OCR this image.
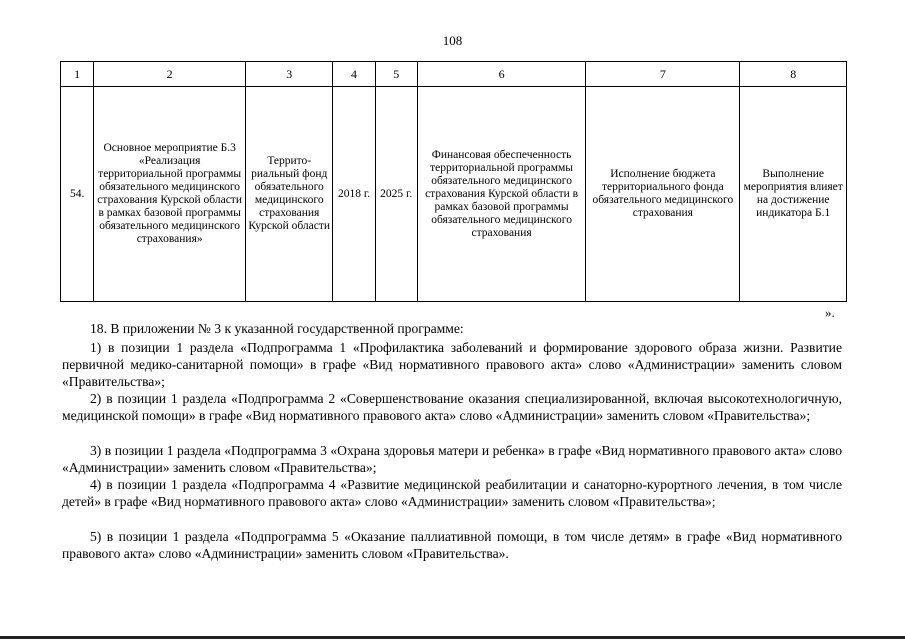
108
1	2	3	4	5	6	7	8
54.	Основное мероприятие Б.3 «Реализация территориальной программы обязательного медицинского страхования Курской области в рамках базовой программы обязательного медицинского страхования»	Террито-риальный фонд обязательного медицинского страхования Курской области	2018 г.	2025 г.	Финансовая обеспеченность территориальной программы обязательного медицинского страхования Курской области в рамках базовой программы обязательного медицинского страхования	Исполнение бюджета территориального фонда обязательного медицинского страхования	Выполнение мероприятия влияет на достижение индикатора Б.1
».
18. В приложении № 3 к указанной государственной программе:
1) в позиции 1 раздела «Подпрограмма 1 «Профилактика заболеваний и формирование здорового образа жизни. Развитие первичной медико-санитарной помощи» в графе «Вид нормативного правового акта» слово «Администрации» заменить словом «Правительства»;
2) в позиции 1 раздела «Подпрограмма 2 «Совершенствование оказания специализированной, включая высокотехнологичную, медицинской помощи» в графе «Вид нормативного правового акта» слово «Администрации» заменить словом «Правительства»;
3) в позиции 1 раздела «Подпрограмма 3 «Охрана здоровья матери и ребенка» в графе «Вид нормативного правового акта» слово «Администрации» заменить словом «Правительства»;
4) в позиции 1 раздела «Подпрограмма 4 «Развитие медицинской реабилитации и санаторно-курортного лечения, в том числе детей» в графе «Вид нормативного правового акта» слово «Администрации» заменить словом «Правительства»;
5) в позиции 1 раздела «Подпрограмма 5 «Оказание паллиативной помощи, в том числе детям» в графе «Вид нормативного правового акта» слово «Администрации» заменить словом «Правительства».
